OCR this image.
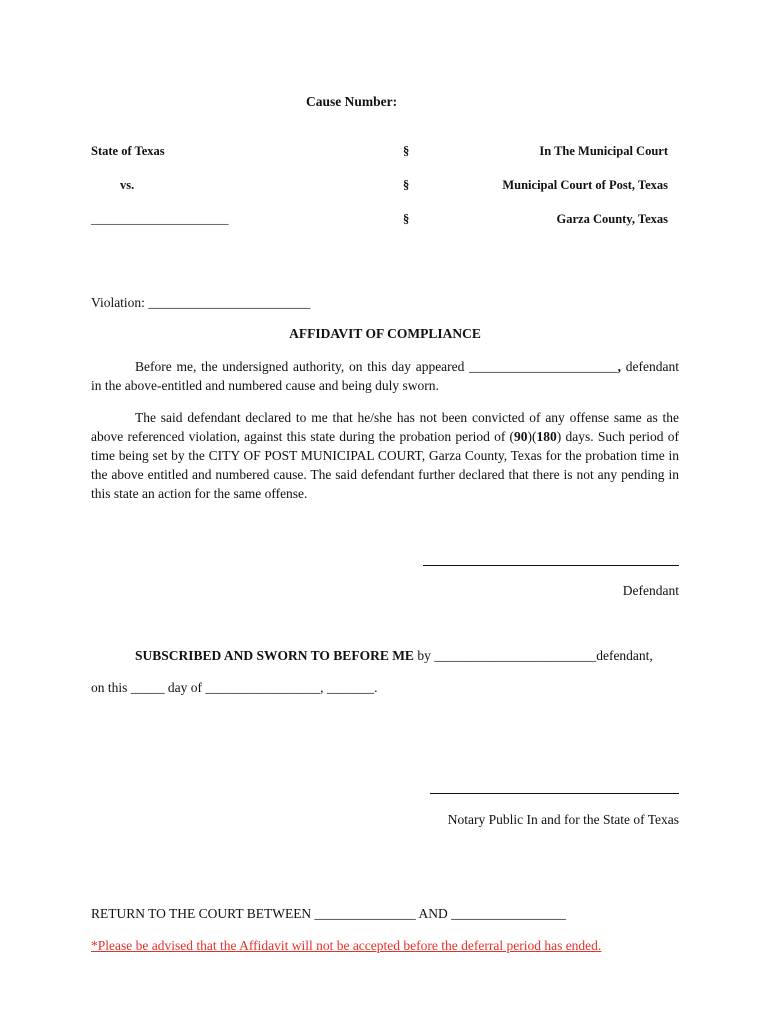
Cause Number:
State of Texas	§	In The Municipal Court
vs.	§	Municipal Court of Post, Texas
______________________	§	Garza County, Texas
Violation: ________________________
AFFIDAVIT OF COMPLIANCE
Before me, the undersigned authority, on this day appeared ______________________, defendant in the above-entitled and numbered cause and being duly sworn.
The said defendant declared to me that he/she has not been convicted of any offense same as the above referenced violation, against this state during the probation period of (90)(180) days. Such period of time being set by the CITY OF POST MUNICIPAL COURT, Garza County, Texas for the probation time in the above entitled and numbered cause. The said defendant further declared that there is not any pending in this state an action for the same offense.
Defendant
SUBSCRIBED AND SWORN TO BEFORE ME by ________________________defendant,
on this _____ day of _________________, _______.
Notary Public In and for the State of Texas
RETURN TO THE COURT BETWEEN _______________ AND _________________
*Please be advised that the Affidavit will not be accepted before the deferral period has ended.
